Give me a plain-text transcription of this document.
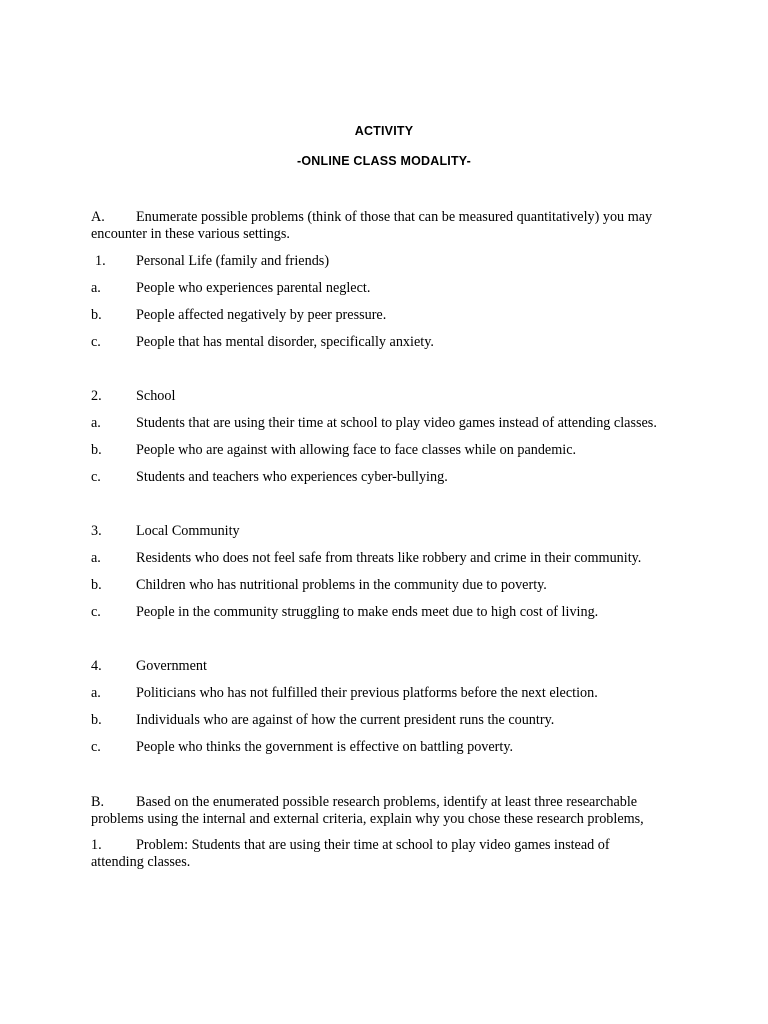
ACTIVITY
-ONLINE CLASS MODALITY-
A. Enumerate possible problems (think of those that can be measured quantitatively) you may
encounter in these various settings.
1. Personal Life (family and friends)
a. People who experiences parental neglect.
b. People affected negatively by peer pressure.
c. People that has mental disorder, specifically anxiety.
2. School
a. Students that are using their time at school to play video games instead of attending classes.
b. People who are against with allowing face to face classes while on pandemic.
c. Students and teachers who experiences cyber-bullying.
3. Local Community
a. Residents who does not feel safe from threats like robbery and crime in their community.
b. Children who has nutritional problems in the community due to poverty.
c. People in the community struggling to make ends meet due to high cost of living.
4. Government
a. Politicians who has not fulfilled their previous platforms before the next election.
b. Individuals who are against of how the current president runs the country.
c. People who thinks the government is effective on battling poverty.
B. Based on the enumerated possible research problems, identify at least three researchable
problems using the internal and external criteria, explain why you chose these research problems,
1. Problem: Students that are using their time at school to play video games instead of
attending classes.
